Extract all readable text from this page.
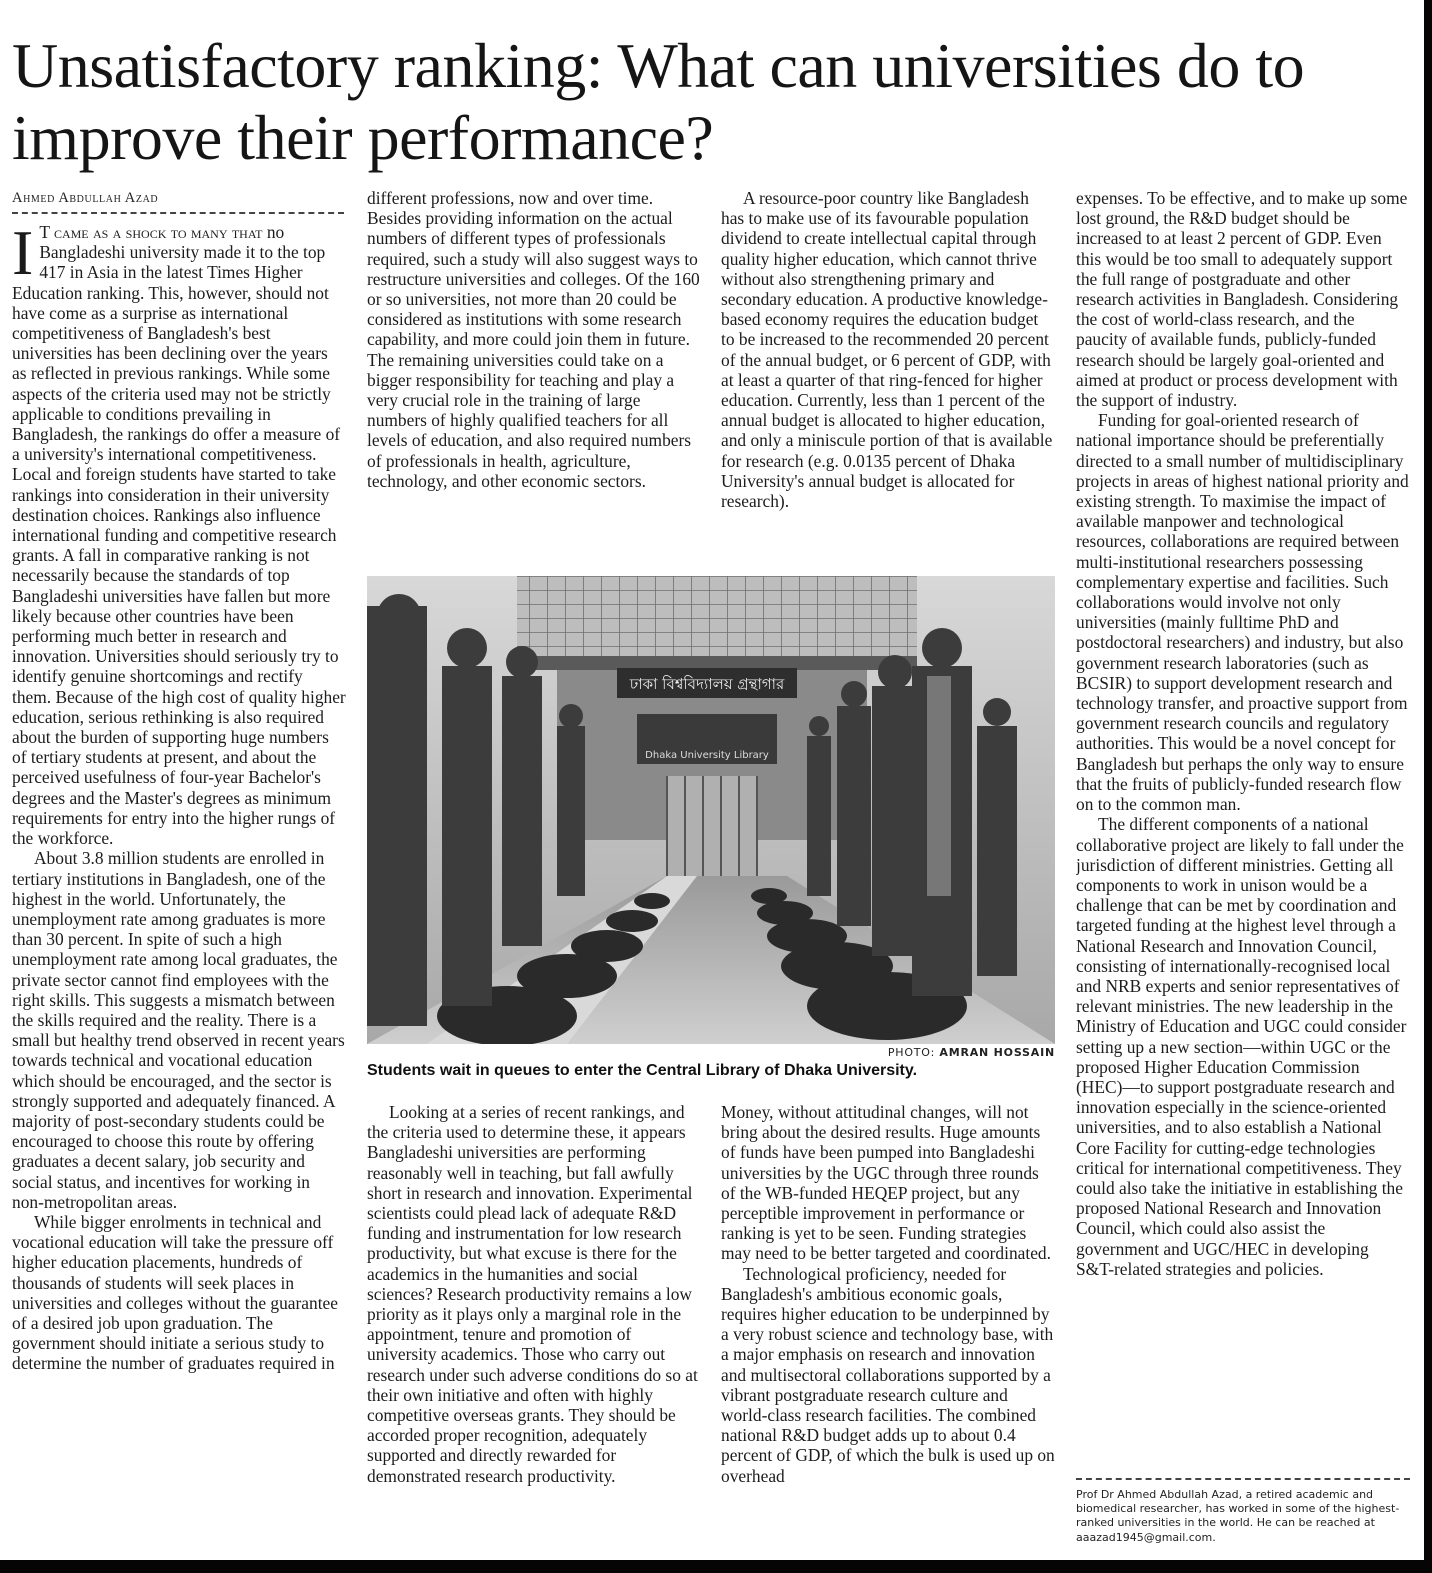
Unsatisfactory ranking: What can universities do to improve their performance?
Ahmed Abdullah Azad

I T came as a shock to many that no Bangladeshi university made it to the top 417 in Asia in the latest Times Higher Education ranking. This, however, should not have come as a surprise as international competitiveness of Bangladesh's best universities has been declining over the years as reflected in previous rankings. While some aspects of the criteria used may not be strictly applicable to conditions prevailing in Bangladesh, the rankings do offer a measure of a university's international competitiveness. Local and foreign students have started to take rankings into consideration in their university destination choices. Rankings also influence international funding and competitive research grants. A fall in comparative ranking is not necessarily because the standards of top Bangladeshi universities have fallen but more likely because other countries have been performing much better in research and innovation. Universities should seriously try to identify genuine shortcomings and rectify them. Because of the high cost of quality higher education, serious rethinking is also required about the burden of supporting huge numbers of tertiary students at present, and about the perceived usefulness of four-year Bachelor's degrees and the Master's degrees as minimum requirements for entry into the higher rungs of the workforce.

About 3.8 million students are enrolled in tertiary institutions in Bangladesh, one of the highest in the world. Unfortunately, the unemployment rate among graduates is more than 30 percent. In spite of such a high unemployment rate among local graduates, the private sector cannot find employees with the right skills. This suggests a mismatch between the skills required and the reality. There is a small but healthy trend observed in recent years towards technical and vocational education which should be encouraged, and the sector is strongly supported and adequately financed. A majority of post-secondary students could be encouraged to choose this route by offering graduates a decent salary, job security and social status, and incentives for working in non-metropolitan areas.

While bigger enrolments in technical and vocational education will take the pressure off higher education placements, hundreds of thousands of students will seek places in universities and colleges without the guarantee of a desired job upon graduation. The government should initiate a serious study to determine the number of graduates required in

different professions, now and over time. Besides providing information on the actual numbers of different types of professionals required, such a study will also suggest ways to restructure universities and colleges. Of the 160 or so universities, not more than 20 could be considered as institutions with some research capability, and more could join them in future. The remaining universities could take on a bigger responsibility for teaching and play a very crucial role in the training of large numbers of highly qualified teachers for all levels of education, and also required numbers of professionals in health, agriculture, technology, and other economic sectors.

A resource-poor country like Bangladesh has to make use of its favourable population dividend to create intellectual capital through quality higher education, which cannot thrive without also strengthening primary and secondary education. A productive knowledge-based economy requires the education budget to be increased to the recommended 20 percent of the annual budget, or 6 percent of GDP, with at least a quarter of that ring-fenced for higher education. Currently, less than 1 percent of the annual budget is allocated to higher education, and only a miniscule portion of that is available for research (e.g. 0.0135 percent of Dhaka University's annual budget is allocated for research).

ঢাকা বিশ্ববিদ্যালয় গ্রন্থাগার
Dhaka University Library
PHOTO: AMRAN HOSSAIN
Students wait in queues to enter the Central Library of Dhaka University.

Looking at a series of recent rankings, and the criteria used to determine these, it appears Bangladeshi universities are performing reasonably well in teaching, but fall awfully short in research and innovation. Experimental scientists could plead lack of adequate R&D funding and instrumentation for low research productivity, but what excuse is there for the academics in the humanities and social sciences? Research productivity remains a low priority as it plays only a marginal role in the appointment, tenure and promotion of university academics. Those who carry out research under such adverse conditions do so at their own initiative and often with highly competitive overseas grants. They should be accorded proper recognition, adequately supported and directly rewarded for demonstrated research productivity.

Money, without attitudinal changes, will not bring about the desired results. Huge amounts of funds have been pumped into Bangladeshi universities by the UGC through three rounds of the WB-funded HEQEP project, but any perceptible improvement in performance or ranking is yet to be seen. Funding strategies may need to be better targeted and coordinated.

Technological proficiency, needed for Bangladesh's ambitious economic goals, requires higher education to be underpinned by a very robust science and technology base, with a major emphasis on research and innovation and multisectoral collaborations supported by a vibrant postgraduate research culture and world-class research facilities. The combined national R&D budget adds up to about 0.4 percent of GDP, of which the bulk is used up on overhead

expenses. To be effective, and to make up some lost ground, the R&D budget should be increased to at least 2 percent of GDP. Even this would be too small to adequately support the full range of postgraduate and other research activities in Bangladesh. Considering the cost of world-class research, and the paucity of available funds, publicly-funded research should be largely goal-oriented and aimed at product or process development with the support of industry.

Funding for goal-oriented research of national importance should be preferentially directed to a small number of multidisciplinary projects in areas of highest national priority and existing strength. To maximise the impact of available manpower and technological resources, collaborations are required between multi-institutional researchers possessing complementary expertise and facilities. Such collaborations would involve not only universities (mainly fulltime PhD and postdoctoral researchers) and industry, but also government research laboratories (such as BCSIR) to support development research and technology transfer, and proactive support from government research councils and regulatory authorities. This would be a novel concept for Bangladesh but perhaps the only way to ensure that the fruits of publicly-funded research flow on to the common man.

The different components of a national collaborative project are likely to fall under the jurisdiction of different ministries. Getting all components to work in unison would be a challenge that can be met by coordination and targeted funding at the highest level through a National Research and Innovation Council, consisting of internationally-recognised local and NRB experts and senior representatives of relevant ministries. The new leadership in the Ministry of Education and UGC could consider setting up a new section—within UGC or the proposed Higher Education Commission (HEC)—to support postgraduate research and innovation especially in the science-oriented universities, and to also establish a National Core Facility for cutting-edge technologies critical for international competitiveness. They could also take the initiative in establishing the proposed National Research and Innovation Council, which could also assist the government and UGC/HEC in developing S&T-related strategies and policies.

Prof Dr Ahmed Abdullah Azad, a retired academic and biomedical researcher, has worked in some of the highest-ranked universities in the world. He can be reached at aaazad1945@gmail.com.
